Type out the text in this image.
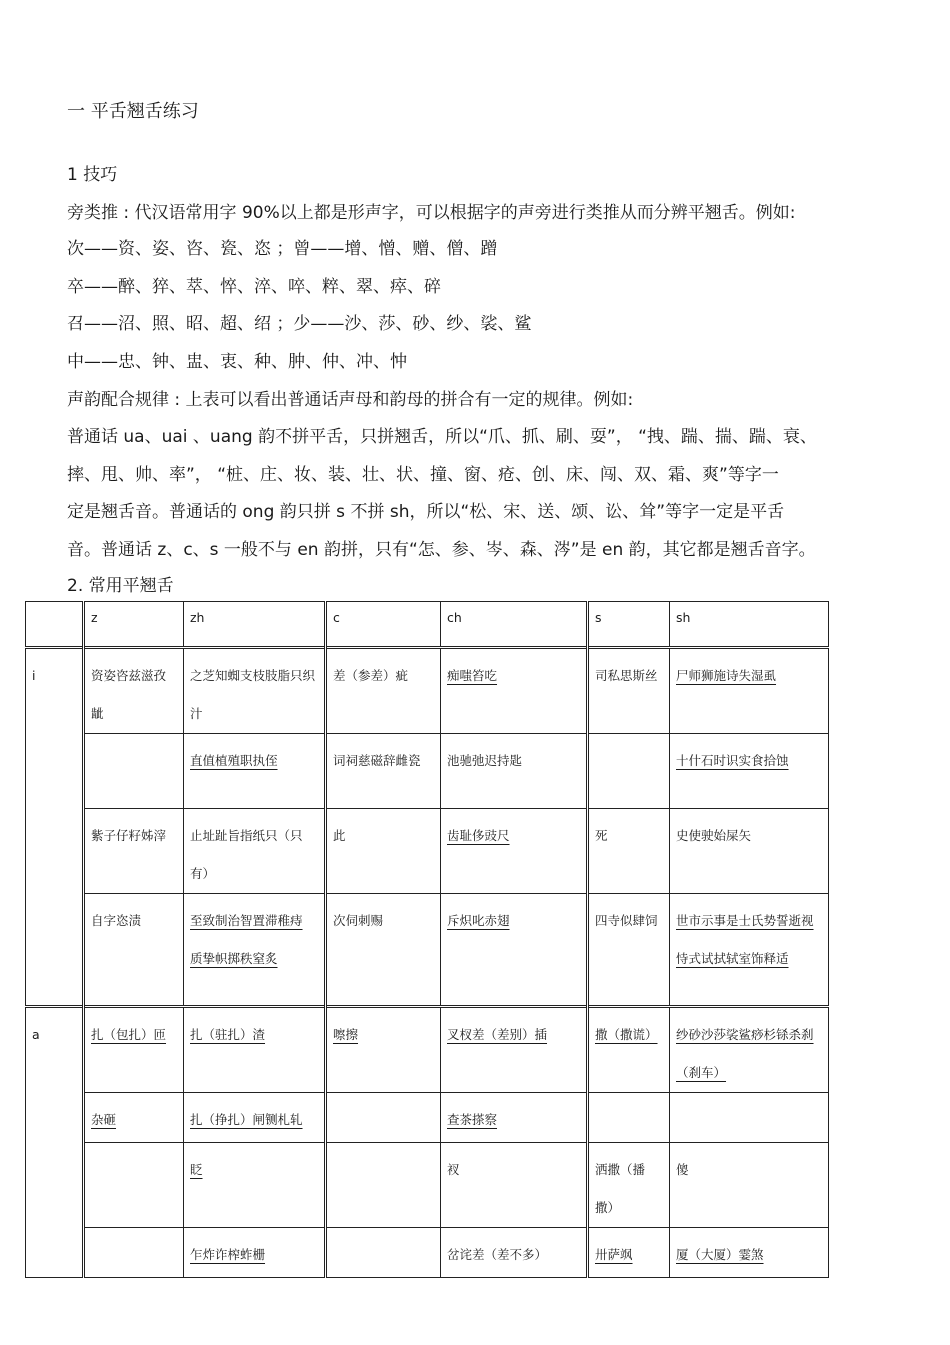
一 平舌翘舌练习
1 技巧
旁类推 : 代汉语常用字 90%以上都是形声字，可以根据字的声旁进行类推从而分辨平翘舌。例如:
次——资、姿、咨、瓷、恣 ；曾——增、憎、赠、僧、蹭
卒——醉、猝、萃、悴、淬、啐、粹、翠、瘁、碎
召——沼、照、昭、超、绍 ；少——沙、莎、砂、纱、裟、鲨
中——忠、钟、盅、衷、种、肿、仲、冲、忡
声韵配合规律 : 上表可以看出普通话声母和韵母的拼合有一定的规律。例如:
普通话 ua、uai 、uang 韵不拼平舌，只拼翘舌，所以“爪、抓、刷、耍”， “拽、踹、揣、踹、衰、
摔、甩、帅、率”， “桩、庄、妆、装、壮、状、撞、窗、疮、创、床、闯、双、霜、爽”等字一
定是翘舌音。普通话的 ong 韵只拼 s 不拼 sh，所以“松、宋、送、颂、讼、耸”等字一定是平舌
音。普通话 z、c、s 一般不与 en 韵拼，只有“怎、参、岑、森、涔”是 en 韵，其它都是翘舌音字。
2. 常用平翘舌
	z	zh	c	ch	s	sh
i	资姿咨兹滋孜龇	之芝知蜘支枝肢脂只织汁	差（参差）疵	痴嗤笞吃	司私思斯丝	尸师狮施诗失湿虱
		直值植殖职执侄	词祠慈磁辞雌瓷	池驰弛迟持匙		十什石时识实食拾蚀
	紫子仔籽姊滓	止址趾旨指纸只（只有）	此	齿耻侈豉尺	死	史使驶始屎矢
	自字恣渍	至致制治智置滞稚痔 质挚帜掷秩窒炙	次伺刺赐	斥炽叱赤翅	四寺似肆饲	世市示事是士氏势誓逝视恃式试拭轼室饰释适
a	扎（包扎）匝	扎（驻扎）渣	嚓擦	叉杈差（差别）插	撒（撒谎）	纱砂沙莎裟鲨痧杉铩杀刹（刹车）
	杂砸	扎（挣扎）闸铡札轧		查茶搽察		
		眨		衩	洒撒（播撒）	傻
		乍炸诈榨蚱栅		岔诧差（差不多）	卅萨飒	厦（大厦）霎煞
